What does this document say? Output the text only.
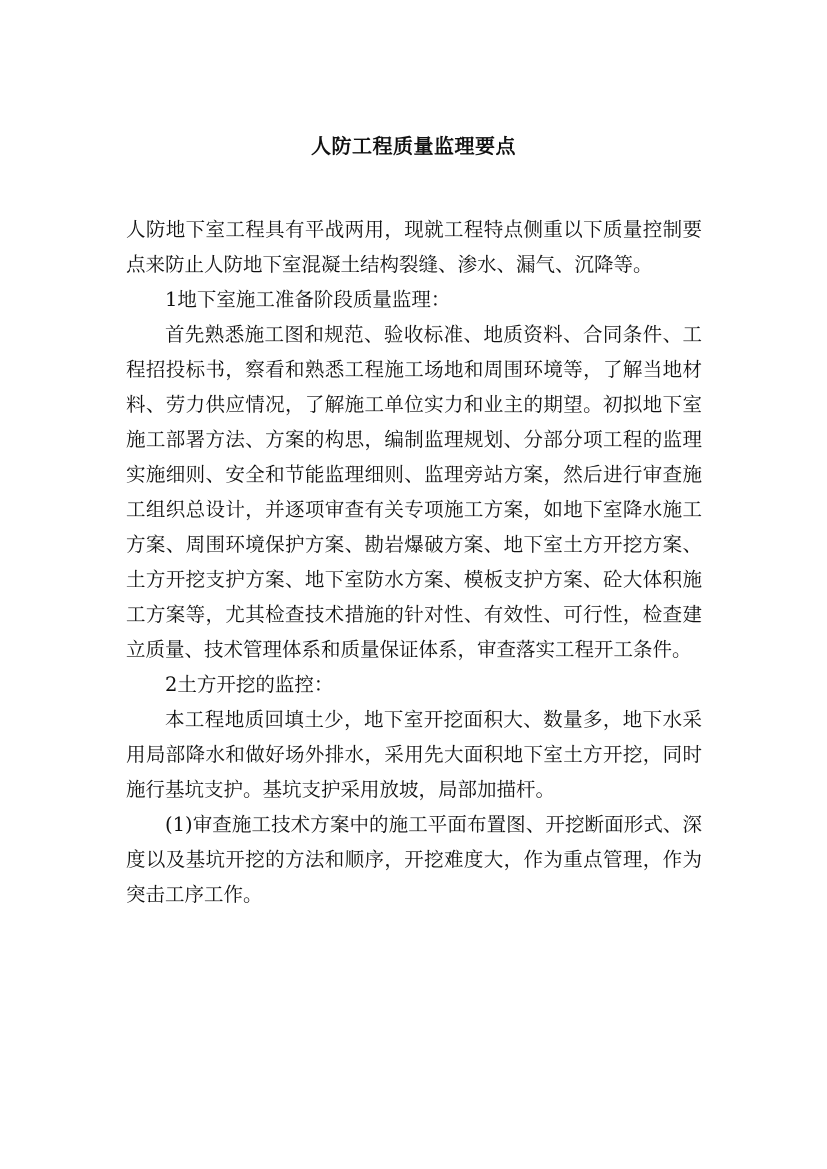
人防工程质量监理要点

人防地下室工程具有平战两用，现就工程特点侧重以下质量控制要点来防止人防地下室混凝土结构裂缝、渗水、漏气、沉降等。

1地下室施工准备阶段质量监理：

首先熟悉施工图和规范、验收标准、地质资料、合同条件、工程招投标书，察看和熟悉工程施工场地和周围环境等，了解当地材料、劳力供应情况，了解施工单位实力和业主的期望。初拟地下室施工部署方法、方案的构思，编制监理规划、分部分项工程的监理实施细则、安全和节能监理细则、监理旁站方案，然后进行审查施工组织总设计，并逐项审查有关专项施工方案，如地下室降水施工方案、周围环境保护方案、勘岩爆破方案、地下室土方开挖方案、土方开挖支护方案、地下室防水方案、模板支护方案、砼大体积施工方案等，尤其检查技术措施的针对性、有效性、可行性，检查建立质量、技术管理体系和质量保证体系，审查落实工程开工条件。

2土方开挖的监控：

本工程地质回填土少，地下室开挖面积大、数量多，地下水采用局部降水和做好场外排水，采用先大面积地下室土方开挖，同时施行基坑支护。基坑支护采用放坡，局部加描杆。

(1)审查施工技术方案中的施工平面布置图、开挖断面形式、深度以及基坑开挖的方法和顺序，开挖难度大，作为重点管理，作为突击工序工作。
